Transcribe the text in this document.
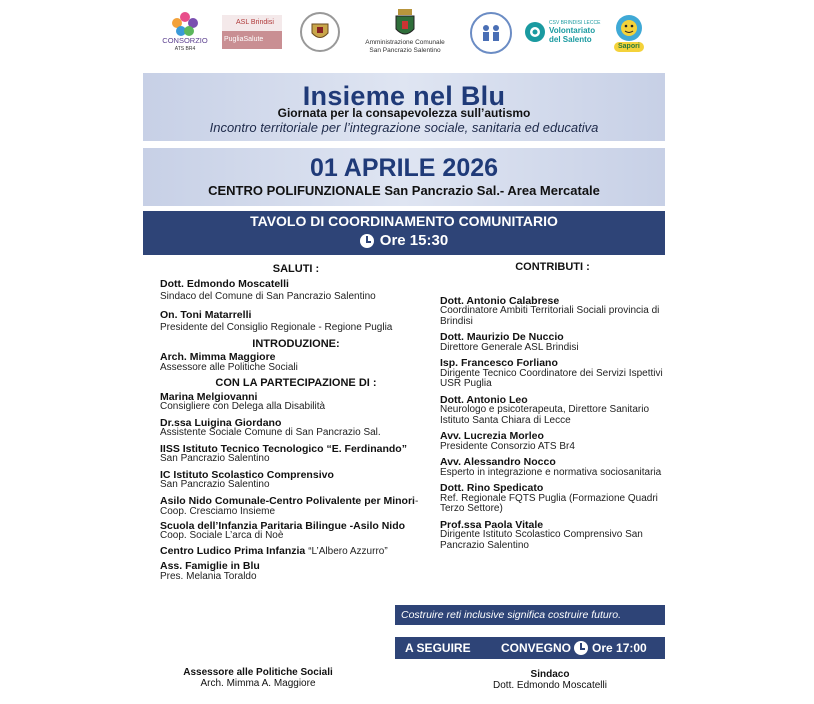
CONSORZIO
ATS BR4
ASL Brindisi
PugliaSalute	Amministrazione Comunale
San Pancrazio Salentino
CSV BRINDISI LECCE
Volontariato
del Salento
Sapori
Insieme nel Blu
Giornata per la consapevolezza sull’autismo
Incontro territoriale per l’integrazione sociale, sanitaria ed educativa
01 APRILE 2026
CENTRO POLIFUNZIONALE San Pancrazio Sal.- Area Mercatale
TAVOLO DI COORDINAMENTO COMUNITARIO
Ore 15:30
SALUTI :
Dott. Edmondo Moscatelli
Sindaco del Comune di San Pancrazio Salentino
On. Toni Matarrelli
Presidente del Consiglio Regionale - Regione Puglia
INTRODUZIONE:
Arch. Mimma Maggiore
Assessore alle Politiche Sociali
CON LA PARTECIPAZIONE DI :
Marina Melgiovanni
Consigliere con Delega alla Disabilità
Dr.ssa Luigina Giordano
Assistente Sociale Comune di San Pancrazio Sal.
IISS Istituto Tecnico Tecnologico “E. Ferdinando”
San Pancrazio Salentino
IC Istituto Scolastico Comprensivo
San Pancrazio Salentino
Asilo Nido Comunale-Centro Polivalente per Minori- Coop. Cresciamo Insieme
Scuola dell’Infanzia Paritaria Bilingue -Asilo Nido
Coop. Sociale L’arca di Noè
Centro Ludico Prima Infanzia “L’Albero Azzurro”
Ass. Famiglie in Blu
Pres. Melania Toraldo
CONTRIBUTI :
Dott. Antonio Calabrese
Coordinatore Ambiti Territoriali Sociali provincia di Brindisi
Dott. Maurizio De Nuccio
Direttore Generale ASL Brindisi
Isp. Francesco Forliano
Dirigente Tecnico Coordinatore dei Servizi Ispettivi USR Puglia
Dott. Antonio Leo
Neurologo e psicoterapeuta, Direttore Sanitario Istituto Santa Chiara di Lecce
Avv. Lucrezia Morleo
Presidente Consorzio ATS Br4
Avv. Alessandro Nocco
Esperto in integrazione e normativa sociosanitaria
Dott. Rino Spedicato
Ref. Regionale FQTS Puglia (Formazione Quadri Terzo Settore)
Prof.ssa Paola Vitale
Dirigente Istituto Scolastico Comprensivo San Pancrazio Salentino
Costruire reti inclusive significa costruire futuro.
A SEGUIRE	CONVEGNO Ore 17:00
Assessore alle Politiche Sociali
Arch. Mimma A. Maggiore
Sindaco
Dott. Edmondo Moscatelli
